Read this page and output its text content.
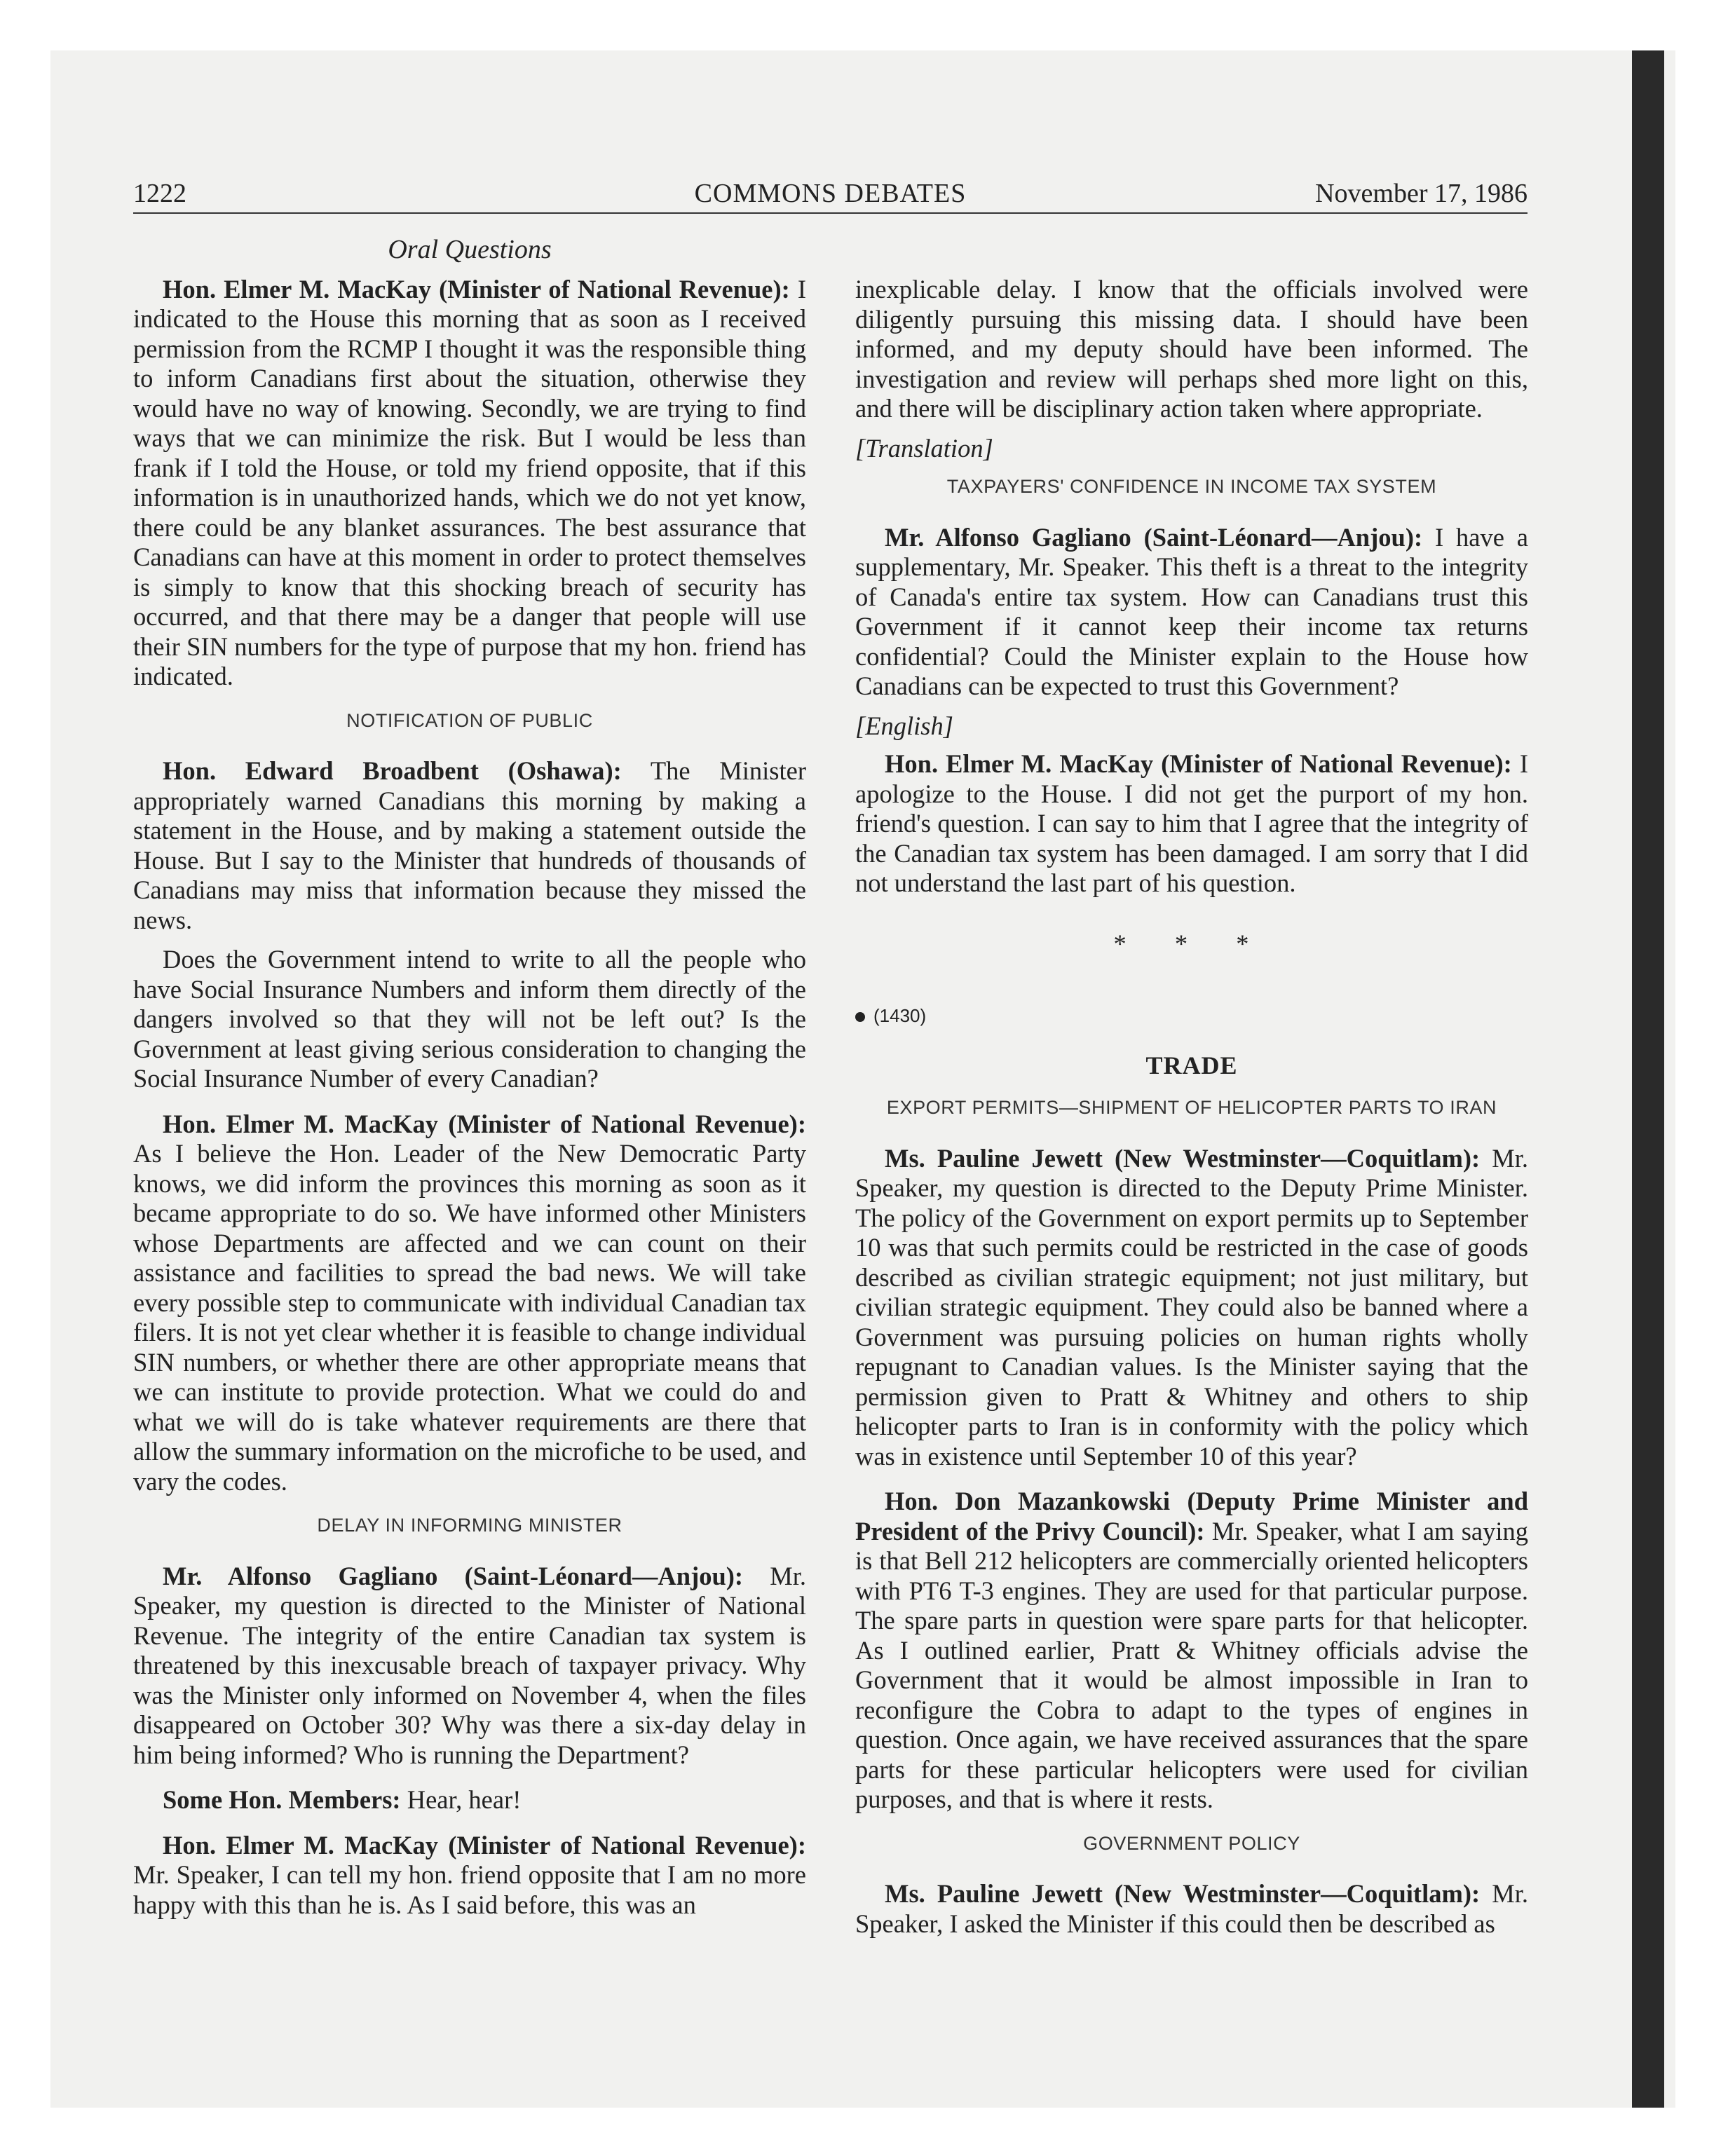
1222	COMMONS DEBATES	November 17, 1986
Oral Questions

Hon. Elmer M. MacKay (Minister of National Revenue): I indicated to the House this morning that as soon as I received permission from the RCMP I thought it was the responsible thing to inform Canadians first about the situation, otherwise they would have no way of knowing. Secondly, we are trying to find ways that we can minimize the risk. But I would be less than frank if I told the House, or told my friend opposite, that if this information is in unauthorized hands, which we do not yet know, there could be any blanket assurances. The best assurance that Canadians can have at this moment in order to protect themselves is simply to know that this shocking breach of security has occurred, and that there may be a danger that people will use their SIN numbers for the type of purpose that my hon. friend has indicated.

NOTIFICATION OF PUBLIC

Hon. Edward Broadbent (Oshawa): The Minister appropriately warned Canadians this morning by making a statement in the House, and by making a statement outside the House. But I say to the Minister that hundreds of thousands of Canadians may miss that information because they missed the news.

Does the Government intend to write to all the people who have Social Insurance Numbers and inform them directly of the dangers involved so that they will not be left out? Is the Government at least giving serious consideration to changing the Social Insurance Number of every Canadian?

Hon. Elmer M. MacKay (Minister of National Revenue): As I believe the Hon. Leader of the New Democratic Party knows, we did inform the provinces this morning as soon as it became appropriate to do so. We have informed other Ministers whose Departments are affected and we can count on their assistance and facilities to spread the bad news. We will take every possible step to communicate with individual Canadian tax filers. It is not yet clear whether it is feasible to change individual SIN numbers, or whether there are other appropriate means that we can institute to provide protection. What we could do and what we will do is take whatever requirements are there that allow the summary information on the microfiche to be used, and vary the codes.

DELAY IN INFORMING MINISTER

Mr. Alfonso Gagliano (Saint-Léonard—Anjou): Mr. Speaker, my question is directed to the Minister of National Revenue. The integrity of the entire Canadian tax system is threatened by this inexcusable breach of taxpayer privacy. Why was the Minister only informed on November 4, when the files disappeared on October 30? Why was there a six-day delay in him being informed? Who is running the Department?

Some Hon. Members: Hear, hear!

Hon. Elmer M. MacKay (Minister of National Revenue): Mr. Speaker, I can tell my hon. friend opposite that I am no more happy with this than he is. As I said before, this was an

inexplicable delay. I know that the officials involved were diligently pursuing this missing data. I should have been informed, and my deputy should have been informed. The investigation and review will perhaps shed more light on this, and there will be disciplinary action taken where appropriate.

[Translation]
TAXPAYERS' CONFIDENCE IN INCOME TAX SYSTEM

Mr. Alfonso Gagliano (Saint-Léonard—Anjou): I have a supplementary, Mr. Speaker. This theft is a threat to the integrity of Canada's entire tax system. How can Canadians trust this Government if it cannot keep their income tax returns confidential? Could the Minister explain to the House how Canadians can be expected to trust this Government?

[English]

Hon. Elmer M. MacKay (Minister of National Revenue): I apologize to the House. I did not get the purport of my hon. friend's question. I can say to him that I agree that the integrity of the Canadian tax system has been damaged. I am sorry that I did not understand the last part of his question.

* * *
(1430)
TRADE
EXPORT PERMITS—SHIPMENT OF HELICOPTER PARTS TO IRAN

Ms. Pauline Jewett (New Westminster—Coquitlam): Mr. Speaker, my question is directed to the Deputy Prime Minister. The policy of the Government on export permits up to September 10 was that such permits could be restricted in the case of goods described as civilian strategic equipment; not just military, but civilian strategic equipment. They could also be banned where a Government was pursuing policies on human rights wholly repugnant to Canadian values. Is the Minister saying that the permission given to Pratt & Whitney and others to ship helicopter parts to Iran is in conformity with the policy which was in existence until September 10 of this year?

Hon. Don Mazankowski (Deputy Prime Minister and President of the Privy Council): Mr. Speaker, what I am saying is that Bell 212 helicopters are commercially oriented helicopters with PT6 T-3 engines. They are used for that particular purpose. The spare parts in question were spare parts for that helicopter. As I outlined earlier, Pratt & Whitney officials advise the Government that it would be almost impossible in Iran to reconfigure the Cobra to adapt to the types of engines in question. Once again, we have received assurances that the spare parts for these particular helicopters were used for civilian purposes, and that is where it rests.

GOVERNMENT POLICY

Ms. Pauline Jewett (New Westminster—Coquitlam): Mr. Speaker, I asked the Minister if this could then be described as
